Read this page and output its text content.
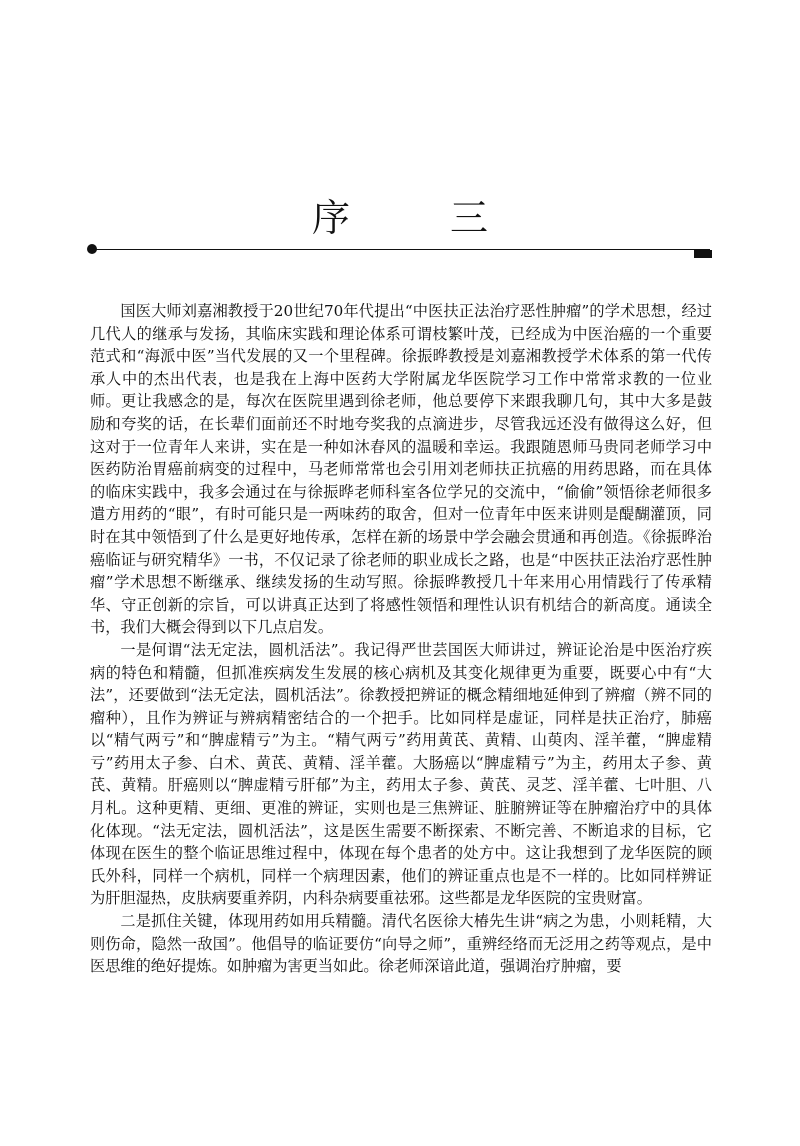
序 三

国医大师刘嘉湘教授于20世纪70年代提出“中医扶正法治疗恶性肿瘤”的学术思想，经过几代人的继承与发扬，其临床实践和理论体系可谓枝繁叶茂，已经成为中医治癌的一个重要范式和“海派中医”当代发展的又一个里程碑。徐振晔教授是刘嘉湘教授学术体系的第一代传承人中的杰出代表，也是我在上海中医药大学附属龙华医院学习工作中常常求教的一位业师。更让我感念的是，每次在医院里遇到徐老师，他总要停下来跟我聊几句，其中大多是鼓励和夸奖的话，在长辈们面前还不时地夸奖我的点滴进步，尽管我远还没有做得这么好，但这对于一位青年人来讲，实在是一种如沐春风的温暖和幸运。我跟随恩师马贵同老师学习中医药防治胃癌前病变的过程中，马老师常常也会引用刘老师扶正抗癌的用药思路，而在具体的临床实践中，我多会通过在与徐振晔老师科室各位学兄的交流中，“偷偷”领悟徐老师很多遣方用药的“眼”，有时可能只是一两味药的取舍，但对一位青年中医来讲则是醍醐灌顶，同时在其中领悟到了什么是更好地传承，怎样在新的场景中学会融会贯通和再创造。《徐振晔治癌临证与研究精华》一书，不仅记录了徐老师的职业成长之路，也是“中医扶正法治疗恶性肿瘤”学术思想不断继承、继续发扬的生动写照。徐振晔教授几十年来用心用情践行了传承精华、守正创新的宗旨，可以讲真正达到了将感性领悟和理性认识有机结合的新高度。通读全书，我们大概会得到以下几点启发。

一是何谓“法无定法，圆机活法”。我记得严世芸国医大师讲过，辨证论治是中医治疗疾病的特色和精髓，但抓准疾病发生发展的核心病机及其变化规律更为重要，既要心中有“大法”，还要做到“法无定法，圆机活法”。徐教授把辨证的概念精细地延伸到了辨瘤（辨不同的瘤种），且作为辨证与辨病精密结合的一个把手。比如同样是虚证，同样是扶正治疗，肺癌以“精气两亏”和“脾虚精亏”为主。“精气两亏”药用黄芪、黄精、山萸肉、淫羊藿，“脾虚精亏”药用太子参、白术、黄芪、黄精、淫羊藿。大肠癌以“脾虚精亏”为主，药用太子参、黄芪、黄精。肝癌则以“脾虚精亏肝郁”为主，药用太子参、黄芪、灵芝、淫羊藿、七叶胆、八月札。这种更精、更细、更准的辨证，实则也是三焦辨证、脏腑辨证等在肿瘤治疗中的具体化体现。“法无定法，圆机活法”，这是医生需要不断探索、不断完善、不断追求的目标，它体现在医生的整个临证思维过程中，体现在每个患者的处方中。这让我想到了龙华医院的顾氏外科，同样一个病机，同样一个病理因素，他们的辨证重点也是不一样的。比如同样辨证为肝胆湿热，皮肤病要重养阴，内科杂病要重祛邪。这些都是龙华医院的宝贵财富。

二是抓住关键，体现用药如用兵精髓。清代名医徐大椿先生讲“病之为患，小则耗精，大则伤命，隐然一敌国”。他倡导的临证要仿“向导之师”，重辨经络而无泛用之药等观点，是中医思维的绝好提炼。如肿瘤为害更当如此。徐老师深谙此道，强调治疗肿瘤，要
